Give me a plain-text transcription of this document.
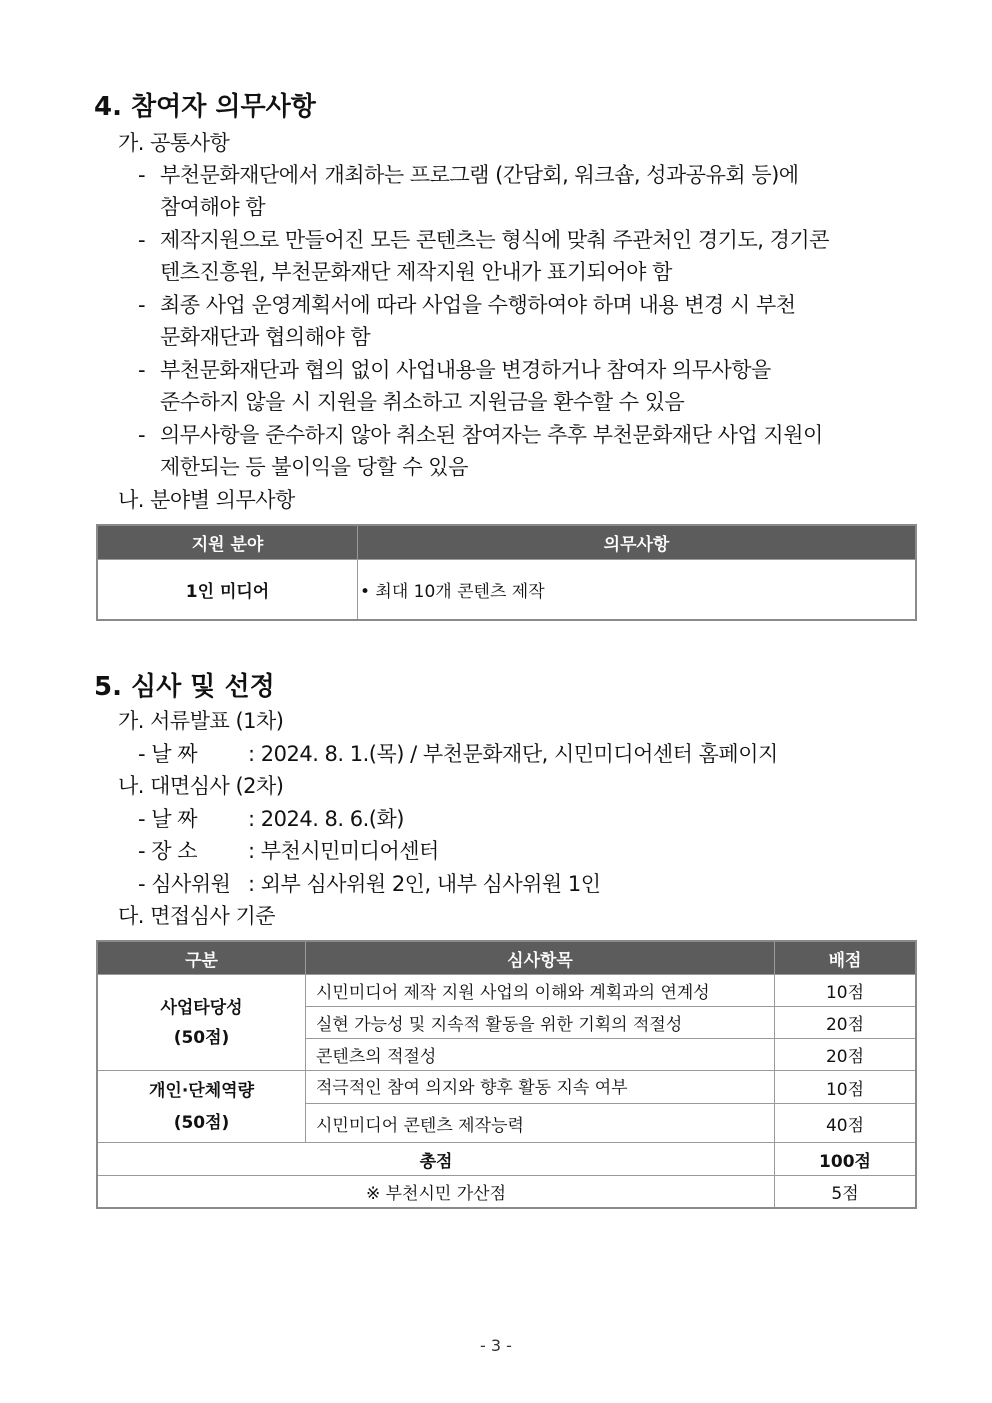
4. 참여자 의무사항
가. 공통사항
- 부천문화재단에서 개최하는 프로그램 (간담회, 워크숍, 성과공유회 등)에
참여해야 함
- 제작지원으로 만들어진 모든 콘텐츠는 형식에 맞춰 주관처인 경기도, 경기콘
텐츠진흥원, 부천문화재단 제작지원 안내가 표기되어야 함
- 최종 사업 운영계획서에 따라 사업을 수행하여야 하며 내용 변경 시 부천
문화재단과 협의해야 함
- 부천문화재단과 협의 없이 사업내용을 변경하거나 참여자 의무사항을
준수하지 않을 시 지원을 취소하고 지원금을 환수할 수 있음
- 의무사항을 준수하지 않아 취소된 참여자는 추후 부천문화재단 사업 지원이
제한되는 등 불이익을 당할 수 있음
나. 분야별 의무사항
지원 분야	의무사항
1인 미디어	• 최대 10개 콘텐츠 제작
5. 심사 및 선정
가. 서류발표 (1차)
- 날 짜 : 2024. 8. 1.(목) / 부천문화재단, 시민미디어센터 홈페이지
나. 대면심사 (2차)
- 날 짜 : 2024. 8. 6.(화)
- 장 소 : 부천시민미디어센터
- 심사위원 : 외부 심사위원 2인, 내부 심사위원 1인
다. 면접심사 기준
구분	심사항목	배점

사업타당성
(50점)	시민미디어 제작 지원 사업의 이해와 계획과의 연계성	10점
	실현 가능성 및 지속적 활동을 위한 기획의 적절성	20점
	콘텐츠의 적절성	20점

개인·단체역량
(50점)	적극적인 참여 의지와 향후 활동 지속 여부	10점
	시민미디어 콘텐츠 제작능력	40점
총점		100점
※ 부천시민 가산점		5점
- 3 -
